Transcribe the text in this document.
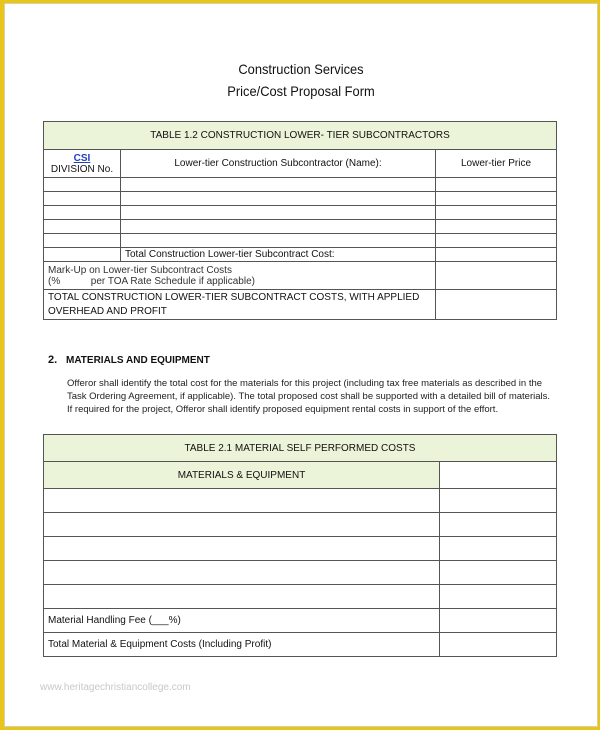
Construction Services
Price/Cost Proposal Form
TABLE 1.2 CONSTRUCTION LOWER- TIER SUBCONTRACTORS		

CSI
DIVISION No.	Lower-tier Construction Subcontractor (Name):	Lower-tier Price

	Total Construction Lower-tier Subcontract Cost:	

Mark-Up on Lower-tier Subcontract Costs
(%           per TOA Rate Schedule if applicable)		

TOTAL CONSTRUCTION LOWER-TIER SUBCONTRACT COSTS, WITH APPLIED
OVERHEAD AND PROFIT		

2. MATERIALS AND EQUIPMENT

Offeror shall identify the total cost for the materials for this project (including tax free materials as described in the Task Ordering Agreement, if applicable). The total proposed cost shall be supported with a detailed bill of materials.

If required for the project, Offeror shall identify proposed equipment rental costs in support of the effort.

TABLE 2.1 MATERIAL SELF PERFORMED COSTS	
MATERIALS & EQUIPMENT	

Material Handling Fee (___%)	
Total Material & Equipment Costs (Including Profit)	
www.heritagechristiancollege.com
